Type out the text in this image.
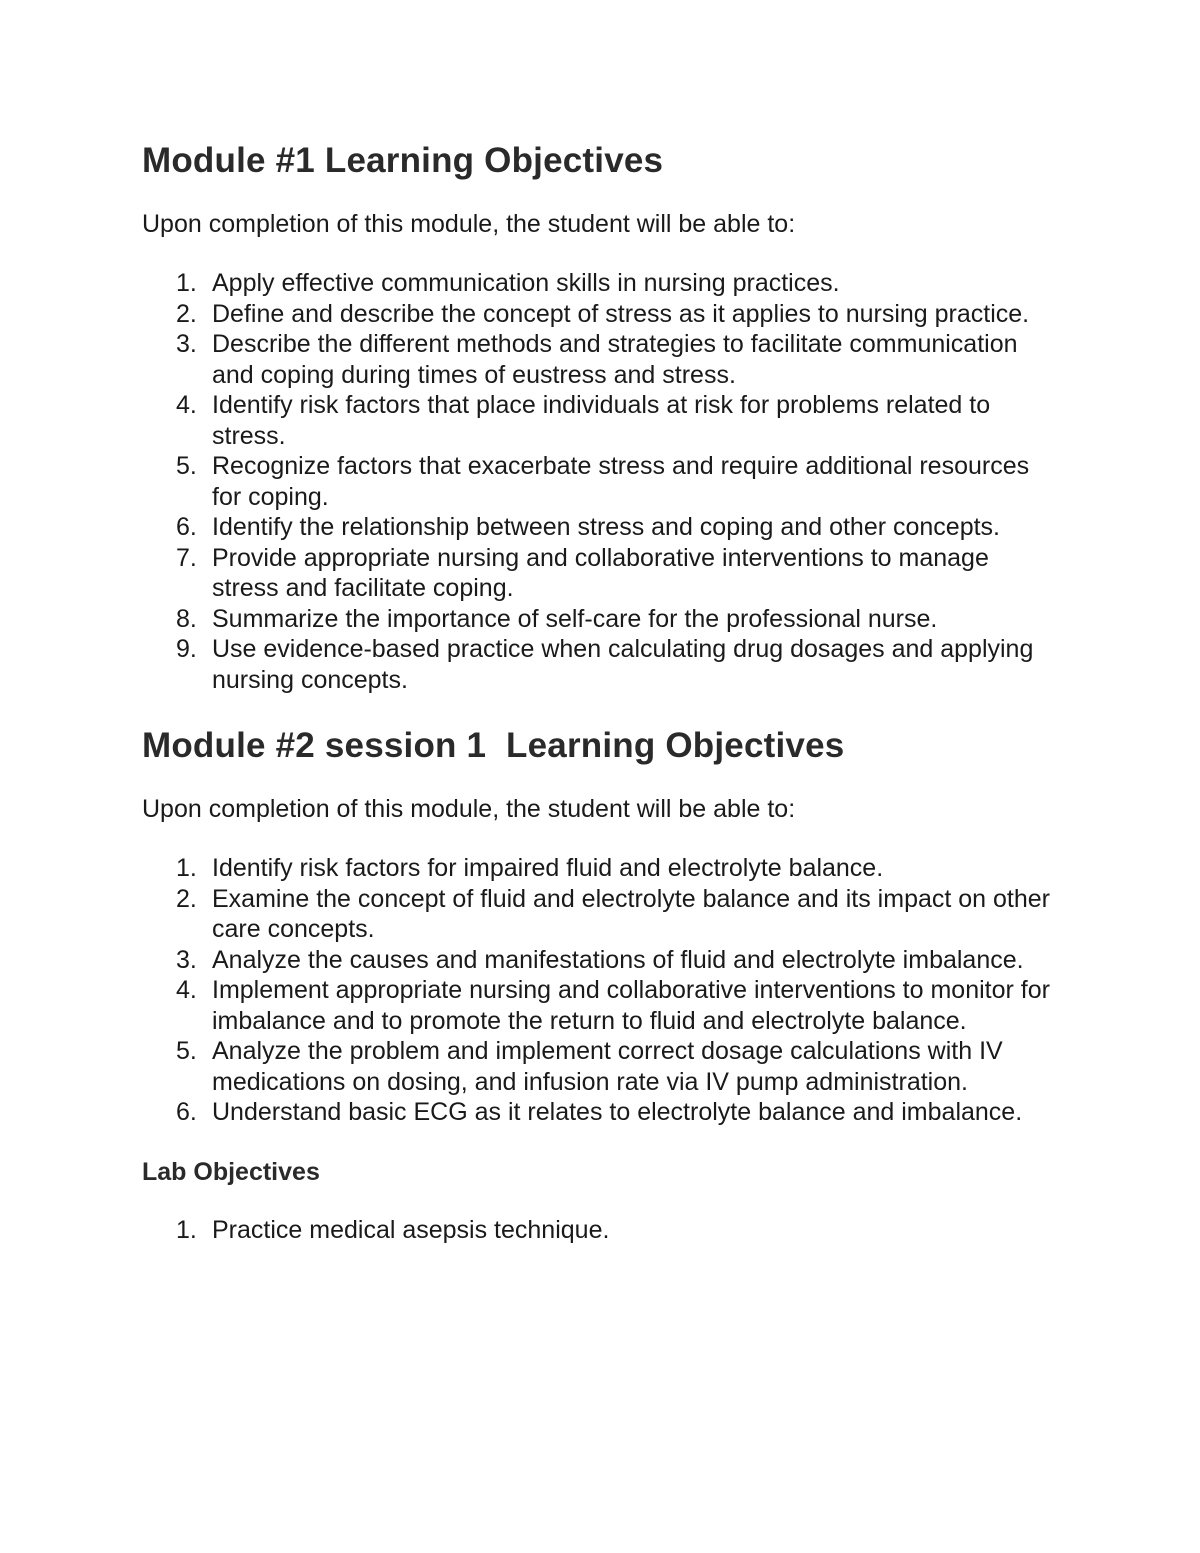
Module #1 Learning Objectives

Upon completion of this module, the student will be able to:

1. Apply effective communication skills in nursing practices.
2. Define and describe the concept of stress as it applies to nursing practice.
3. Describe the different methods and strategies to facilitate communication and coping during times of eustress and stress.
4. Identify risk factors that place individuals at risk for problems related to stress.
5. Recognize factors that exacerbate stress and require additional resources for coping.
6. Identify the relationship between stress and coping and other concepts.
7. Provide appropriate nursing and collaborative interventions to manage stress and facilitate coping.
8. Summarize the importance of self-care for the professional nurse.
9. Use evidence-based practice when calculating drug dosages and applying nursing concepts.
Module #2 session 1  Learning Objectives

Upon completion of this module, the student will be able to:

1. Identify risk factors for impaired fluid and electrolyte balance.
2. Examine the concept of fluid and electrolyte balance and its impact on other care concepts.
3. Analyze the causes and manifestations of fluid and electrolyte imbalance.
4. Implement appropriate nursing and collaborative interventions to monitor for imbalance and to promote the return to fluid and electrolyte balance.
5. Analyze the problem and implement correct dosage calculations with IV medications on dosing, and infusion rate via IV pump administration.
6. Understand basic ECG as it relates to electrolyte balance and imbalance.
Lab Objectives
1. Practice medical asepsis technique.
